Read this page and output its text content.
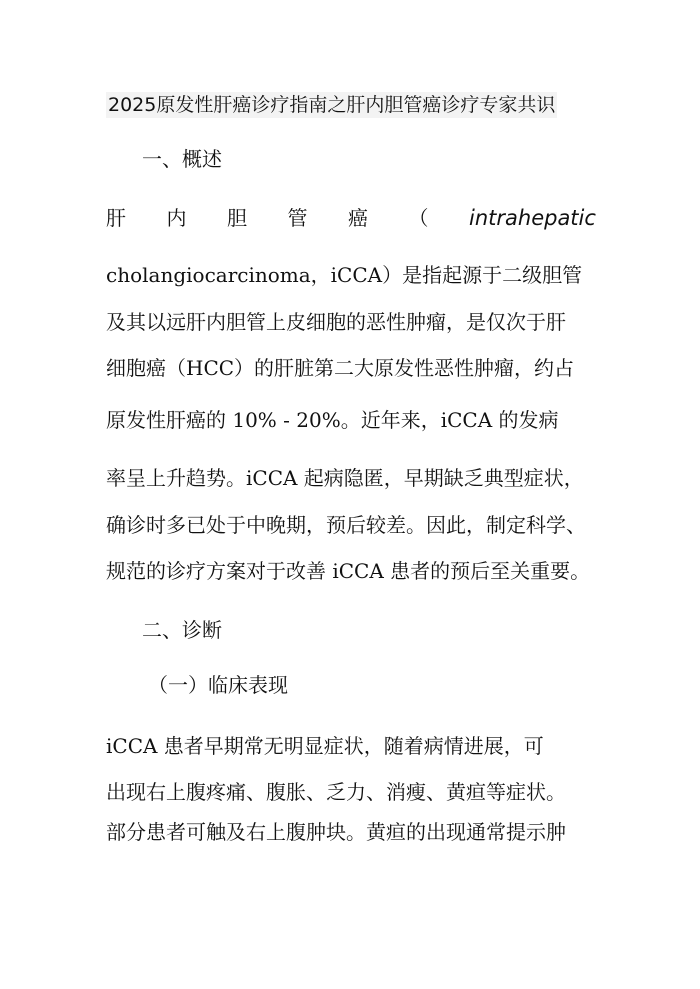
2025原发性肝癌诊疗指南之肝内胆管癌诊疗专家共识
一、概述
肝 内 胆 管 癌 （ intrahepatic
cholangiocarcinoma，iCCA）是指起源于二级胆管
及其以远肝内胆管上皮细胞的恶性肿瘤，是仅次于肝
细胞癌（HCC）的肝脏第二大原发性恶性肿瘤，约占
原发性肝癌的 10% - 20%。近年来，iCCA 的发病
率呈上升趋势。iCCA 起病隐匿，早期缺乏典型症状，
确诊时多已处于中晚期，预后较差。因此，制定科学、
规范的诊疗方案对于改善 iCCA 患者的预后至关重要。
二、诊断
（一）临床表现
iCCA 患者早期常无明显症状，随着病情进展，可
出现右上腹疼痛、腹胀、乏力、消瘦、黄疸等症状。
部分患者可触及右上腹肿块。黄疸的出现通常提示肿
